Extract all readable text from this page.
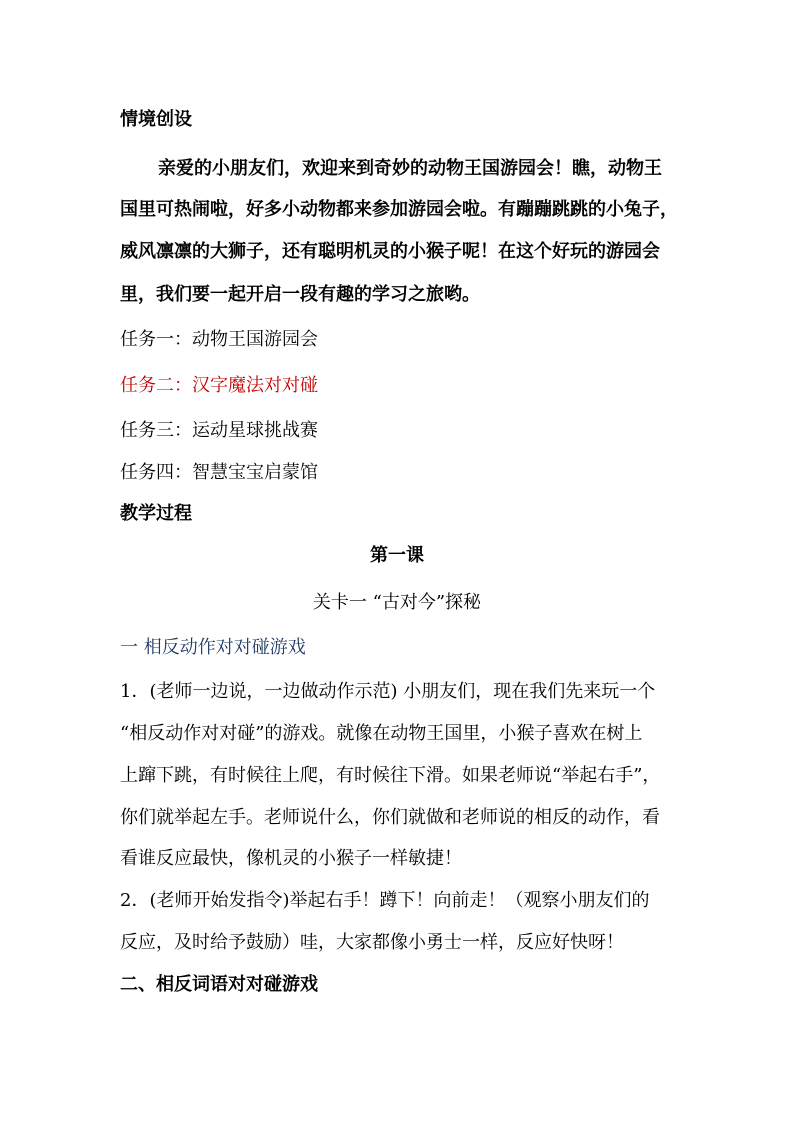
情境创设
亲爱的小朋友们，欢迎来到奇妙的动物王国游园会！瞧，动物王
国里可热闹啦，好多小动物都来参加游园会啦。有蹦蹦跳跳的小兔子，
威风凛凛的大狮子，还有聪明机灵的小猴子呢！在这个好玩的游园会
里，我们要一起开启一段有趣的学习之旅哟。
任务一：动物王国游园会
任务二：汉字魔法对对碰
任务三：运动星球挑战赛
任务四：智慧宝宝启蒙馆
教学过程
第一课
关卡一 “古对今”探秘
一 相反动作对对碰游戏
1．(老师一边说，一边做动作示范) 小朋友们，现在我们先来玩一个
“相反动作对对碰”的游戏。就像在动物王国里，小猴子喜欢在树上
上蹿下跳，有时候往上爬，有时候往下滑。如果老师说“举起右手”，
你们就举起左手。老师说什么，你们就做和老师说的相反的动作，看
看谁反应最快，像机灵的小猴子一样敏捷！
2．(老师开始发指令)举起右手！蹲下！向前走！（观察小朋友们的
反应，及时给予鼓励）哇，大家都像小勇士一样，反应好快呀！
二、相反词语对对碰游戏
